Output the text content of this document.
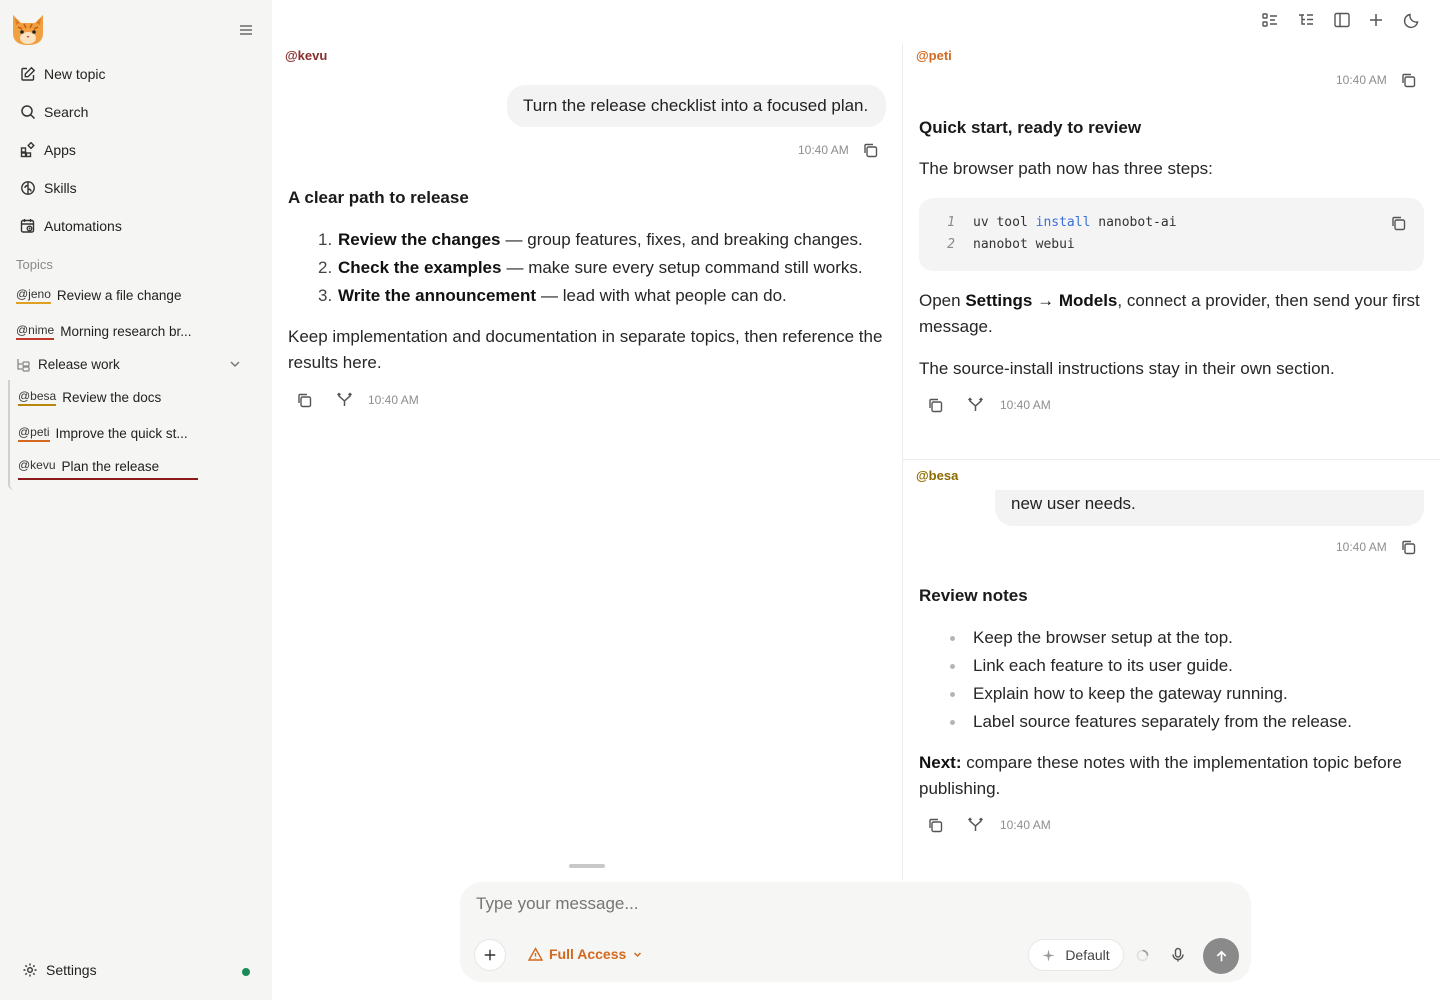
New topic
Search
Apps
Skills
Automations
Topics
@jeno Review a file change
@nime Morning research br...
Release work
@besa Review the docs
@peti Improve the quick st...
@kevu Plan the release
Settings
@kevu
Turn the release checklist into a focused plan.
10:40 AM
A clear path to release
1. Review the changes — group features, fixes, and breaking changes.
2. Check the examples — make sure every setup command still works.
3. Write the announcement — lead with what people can do.
Keep implementation and documentation in separate topics, then reference the results here.
10:40 AM
@peti
10:40 AM
Quick start, ready to review
The browser path now has three steps:
1 uv tool install nanobot-ai
2 nanobot webui
Open Settings → Models, connect a provider, then send your first message.
The source-install instructions stay in their own section.
10:40 AM
@besa
new user needs.
10:40 AM
Review notes
Keep the browser setup at the top.
Link each feature to its user guide.
Explain how to keep the gateway running.
Label source features separately from the release.
Next: compare these notes with the implementation topic before publishing.
10:40 AM
Type your message...
Full Access	Default
